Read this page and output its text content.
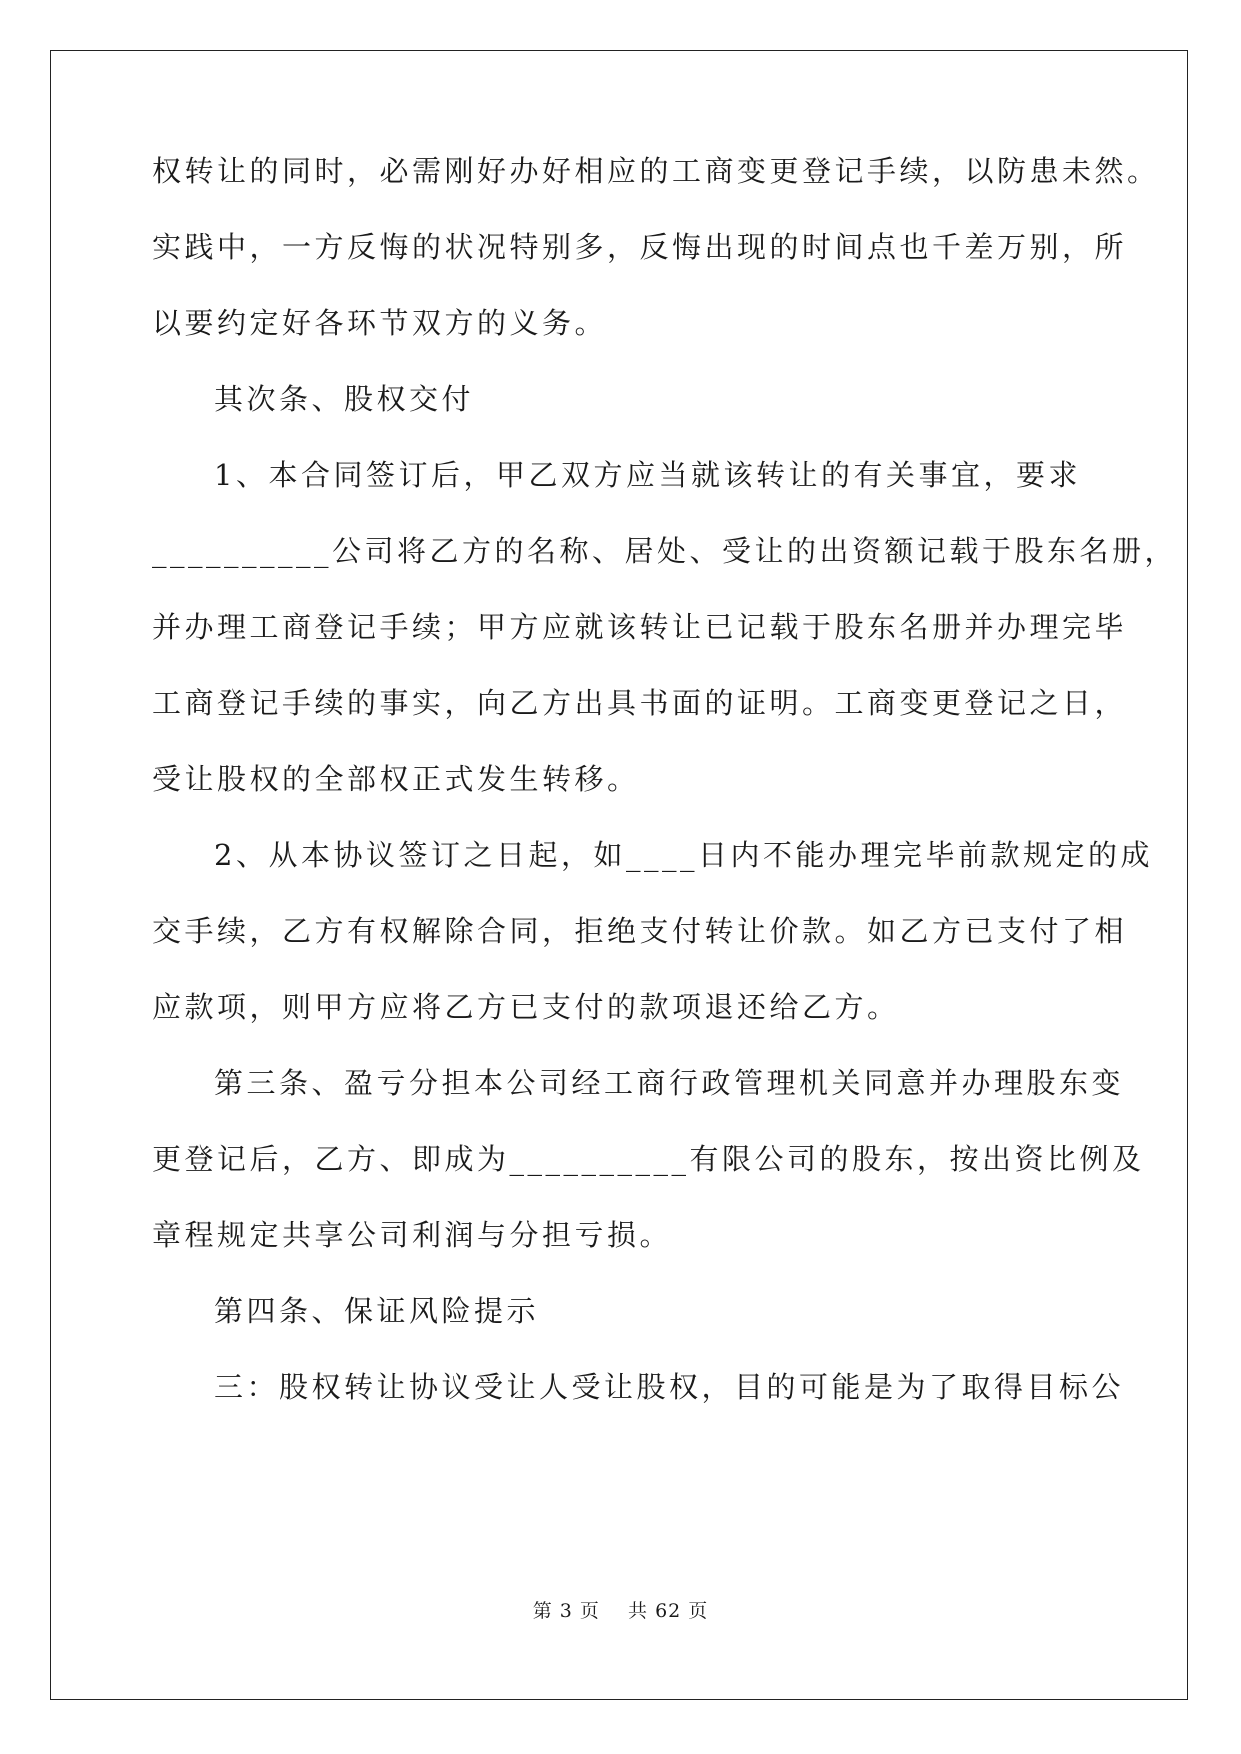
权转让的同时，必需刚好办好相应的工商变更登记手续，以防患未然。
实践中，一方反悔的状况特别多，反悔出现的时间点也千差万别，所
以要约定好各环节双方的义务。
其次条、股权交付
1、本合同签订后，甲乙双方应当就该转让的有关事宜，要求
__________公司将乙方的名称、居处、受让的出资额记载于股东名册，
并办理工商登记手续；甲方应就该转让已记载于股东名册并办理完毕
工商登记手续的事实，向乙方出具书面的证明。工商变更登记之日，
受让股权的全部权正式发生转移。
2、从本协议签订之日起，如____日内不能办理完毕前款规定的成
交手续，乙方有权解除合同，拒绝支付转让价款。如乙方已支付了相
应款项，则甲方应将乙方已支付的款项退还给乙方。
第三条、盈亏分担本公司经工商行政管理机关同意并办理股东变
更登记后，乙方、即成为__________有限公司的股东，按出资比例及
章程规定共享公司利润与分担亏损。
第四条、保证风险提示
三：股权转让协议受让人受让股权，目的可能是为了取得目标公
第 3 页    共 62 页
